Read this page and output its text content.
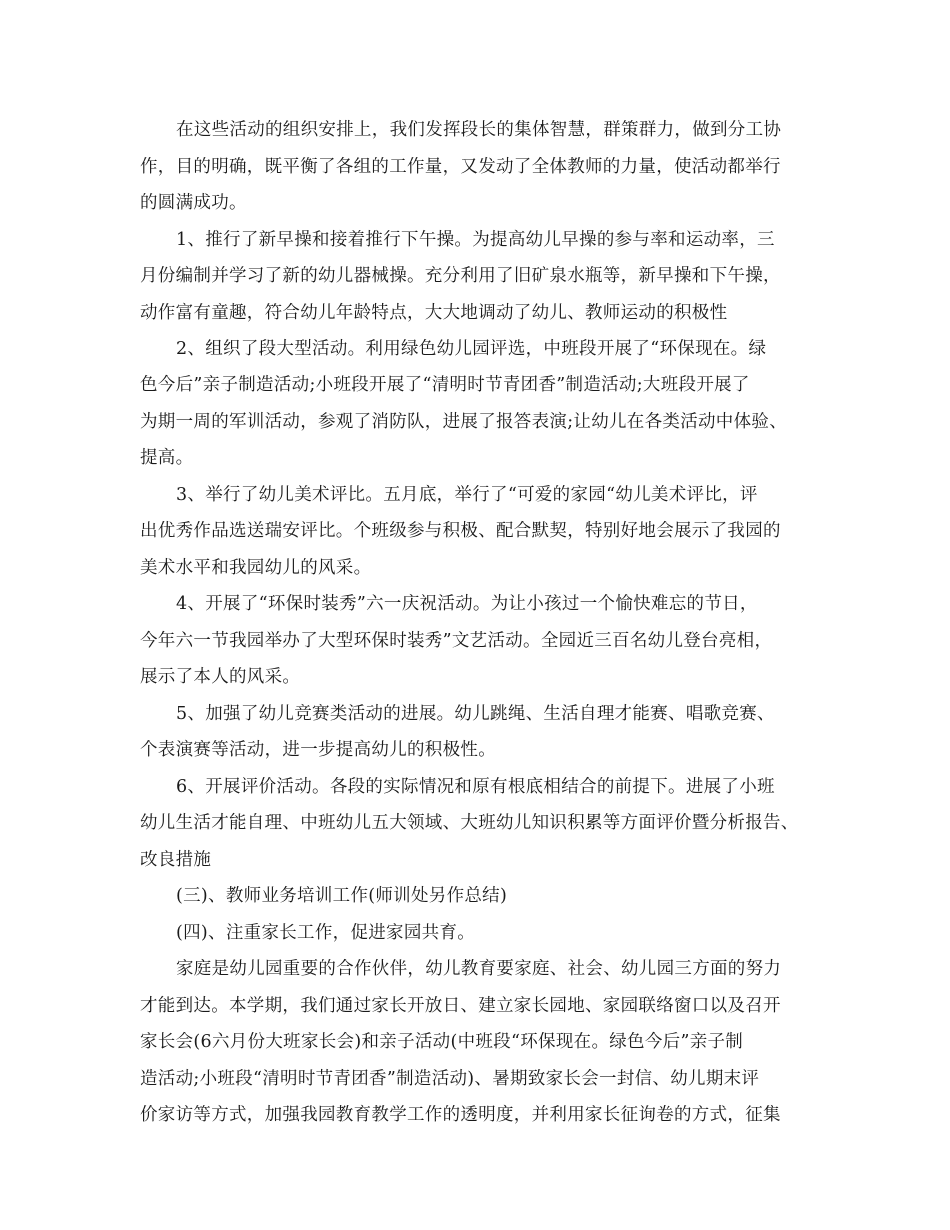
在这些活动的组织安排上，我们发挥段长的集体智慧，群策群力，做到分工协
作，目的明确，既平衡了各组的工作量，又发动了全体教师的力量，使活动都举行
的圆满成功。
1、推行了新早操和接着推行下午操。为提高幼儿早操的参与率和运动率，三
月份编制并学习了新的幼儿器械操。充分利用了旧矿泉水瓶等，新早操和下午操，
动作富有童趣，符合幼儿年龄特点，大大地调动了幼儿、教师运动的积极性
2、组织了段大型活动。利用绿色幼儿园评选，中班段开展了“环保现在。绿
色今后”亲子制造活动;小班段开展了“清明时节青团香”制造活动;大班段开展了
为期一周的军训活动，参观了消防队，进展了报答表演;让幼儿在各类活动中体验、
提高。
3、举行了幼儿美术评比。五月底，举行了“可爱的家园“幼儿美术评比，评
出优秀作品选送瑞安评比。个班级参与积极、配合默契，特别好地会展示了我园的
美术水平和我园幼儿的风采。
4、开展了“环保时装秀”六一庆祝活动。为让小孩过一个愉快难忘的节日，
今年六一节我园举办了大型环保时装秀”文艺活动。全园近三百名幼儿登台亮相，
展示了本人的风采。
5、加强了幼儿竞赛类活动的进展。幼儿跳绳、生活自理才能赛、唱歌竞赛、
个表演赛等活动，进一步提高幼儿的积极性。
6、开展评价活动。各段的实际情况和原有根底相结合的前提下。进展了小班
幼儿生活才能自理、中班幼儿五大领域、大班幼儿知识积累等方面评价暨分析报告、
改良措施
(三)、教师业务培训工作(师训处另作总结)
(四)、注重家长工作，促进家园共育。
家庭是幼儿园重要的合作伙伴，幼儿教育要家庭、社会、幼儿园三方面的努力
才能到达。本学期，我们通过家长开放日、建立家长园地、家园联络窗口以及召开
家长会(6六月份大班家长会)和亲子活动(中班段“环保现在。绿色今后”亲子制
造活动;小班段“清明时节青团香”制造活动)、暑期致家长会一封信、幼儿期末评
价家访等方式，加强我园教育教学工作的透明度，并利用家长征询卷的方式，征集
